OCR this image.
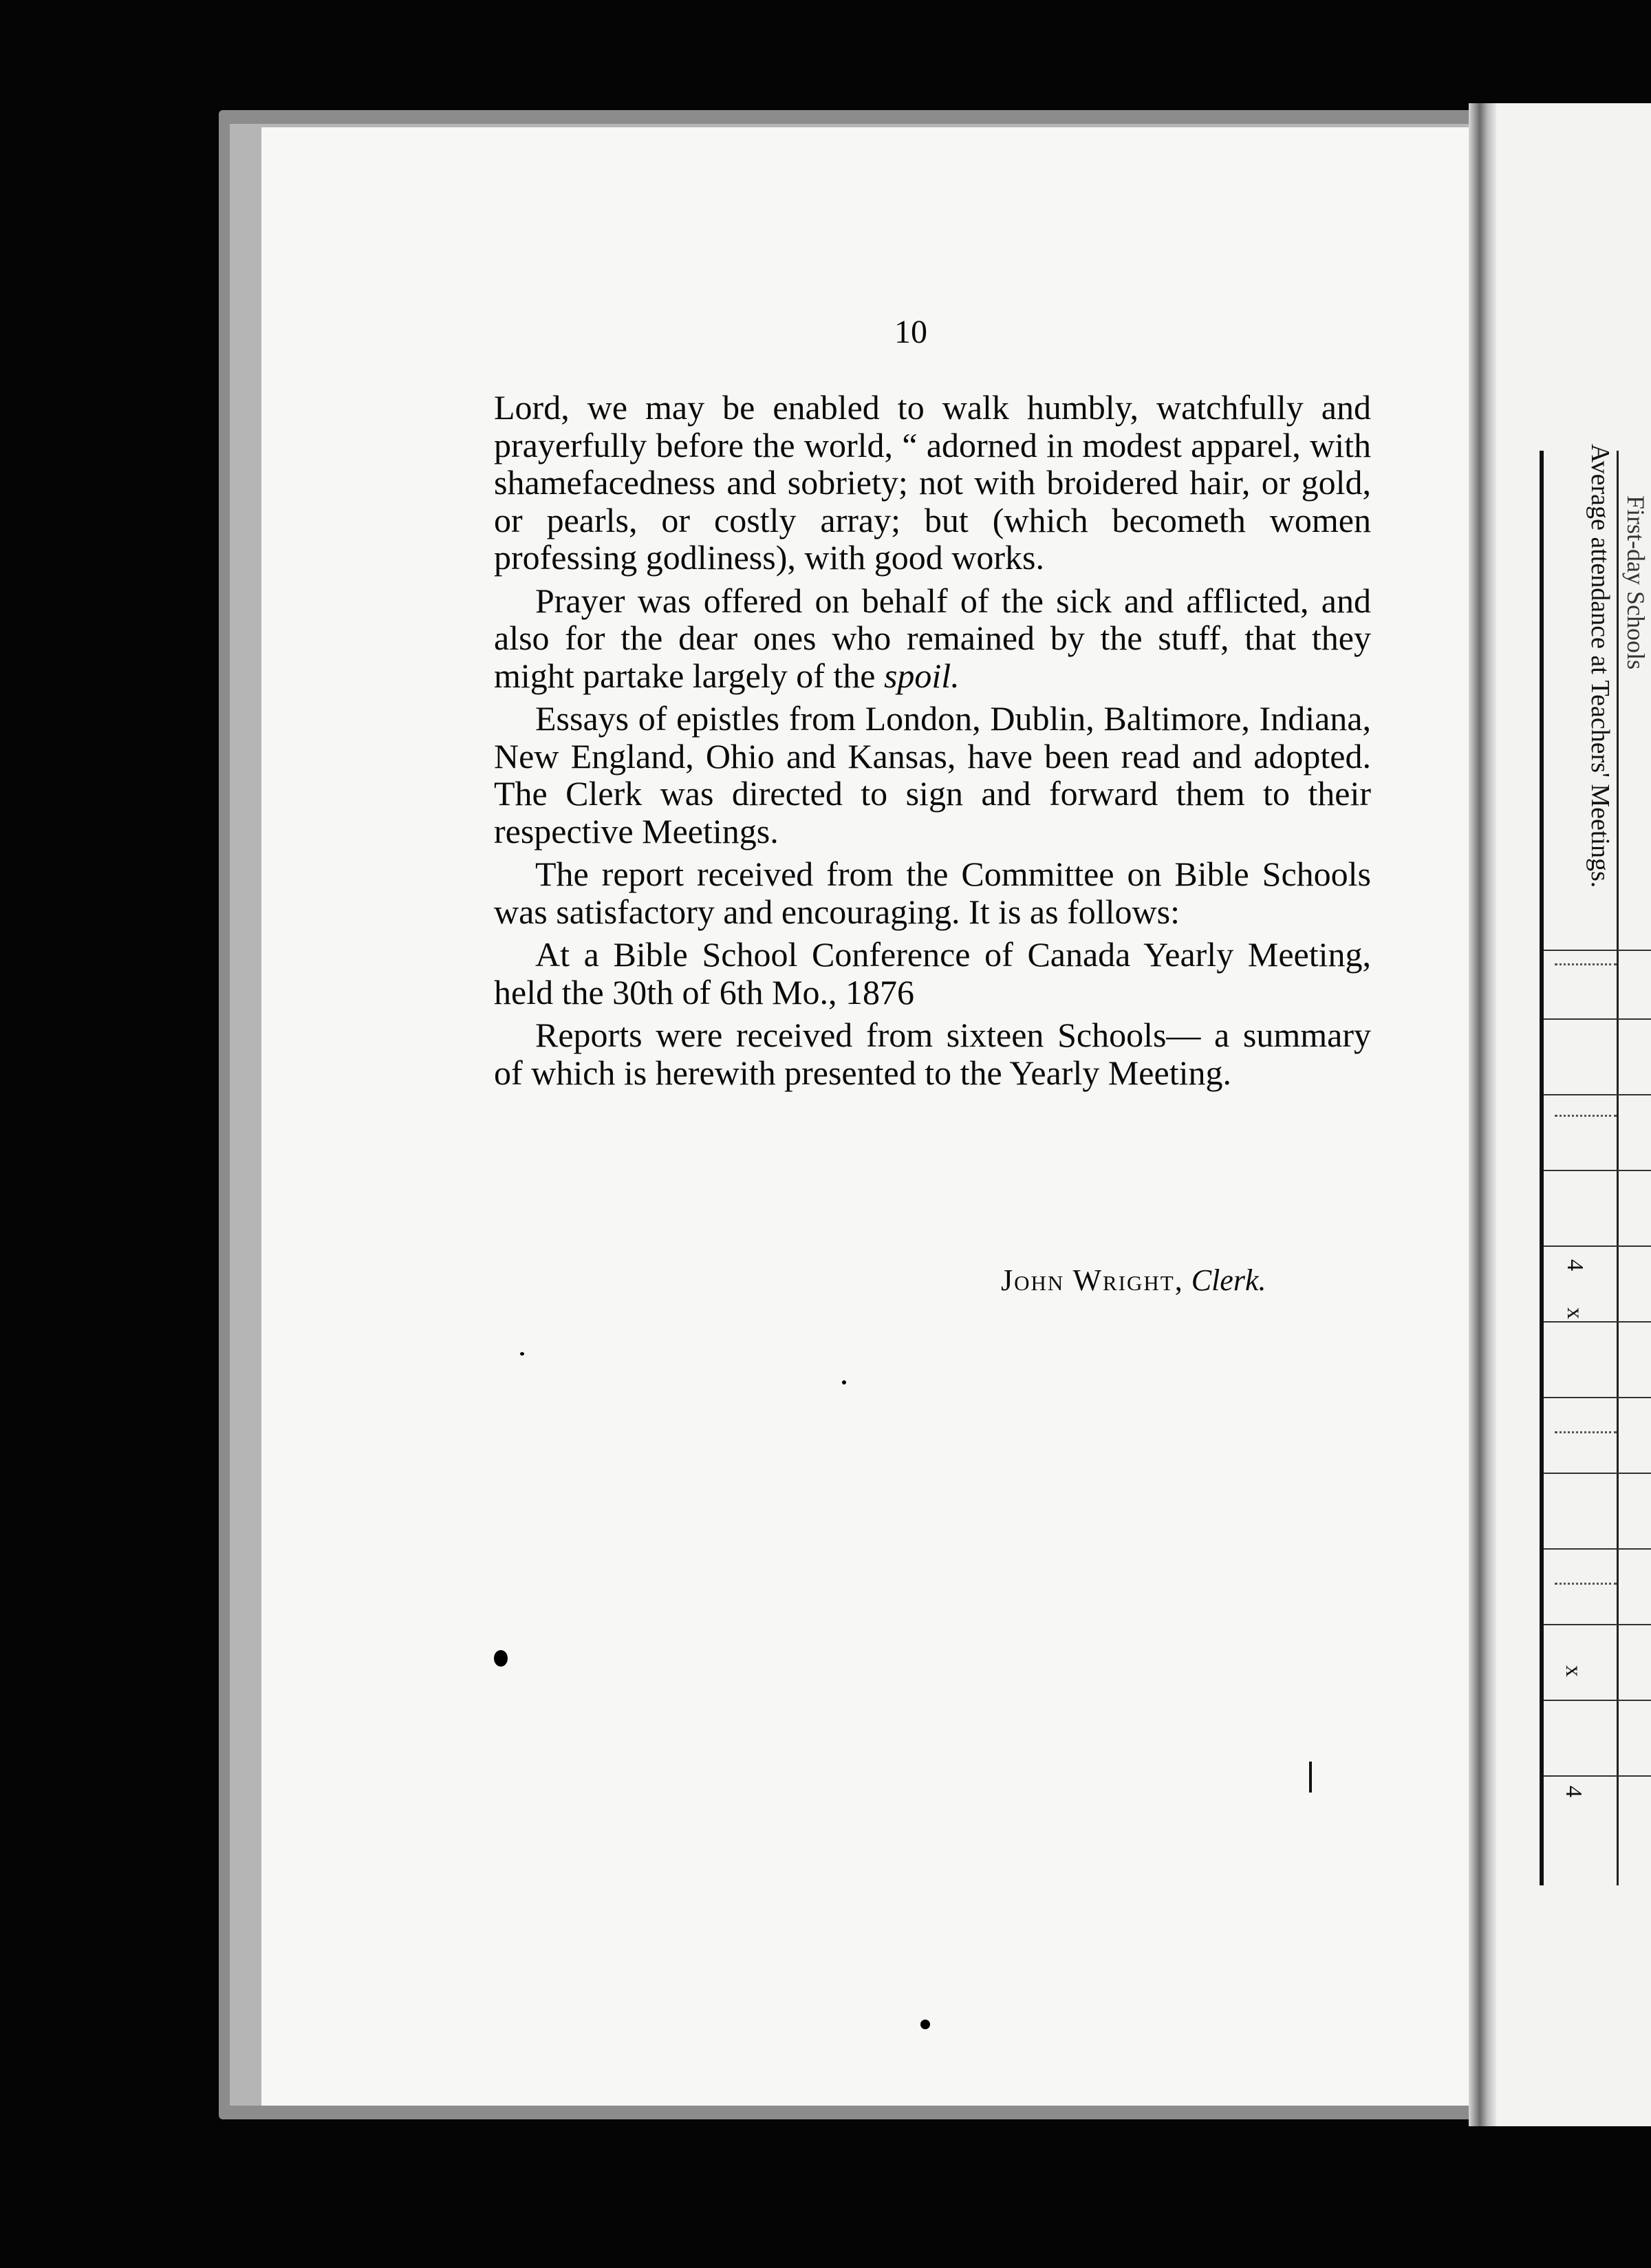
Average attendance at Teachers' Meetings. First-day Schools
4
x
x
4
10

Lord, we may be enabled to walk humbly, watchfully and prayerfully before the world, “ adorned in modest apparel, with shamefacedness and sobriety; not with broidered hair, or gold, or pearls, or costly array; but (which becometh women professing godliness), with good works.

Prayer was offered on behalf of the sick and afflicted, and also for the dear ones who remained by the stuff, that they might partake largely of the spoil.

Essays of epistles from London, Dublin, Baltimore, Indiana, New England, Ohio and Kansas, have been read and adopted. The Clerk was directed to sign and forward them to their respective Meetings.

The report received from the Committee on Bible Schools was satisfactory and encouraging. It is as follows:

At a Bible School Conference of Canada Yearly Meeting, held the 30th of 6th Mo., 1876

Reports were received from sixteen Schools— a summary of which is herewith presented to the Yearly Meeting.

John Wright, Clerk.
